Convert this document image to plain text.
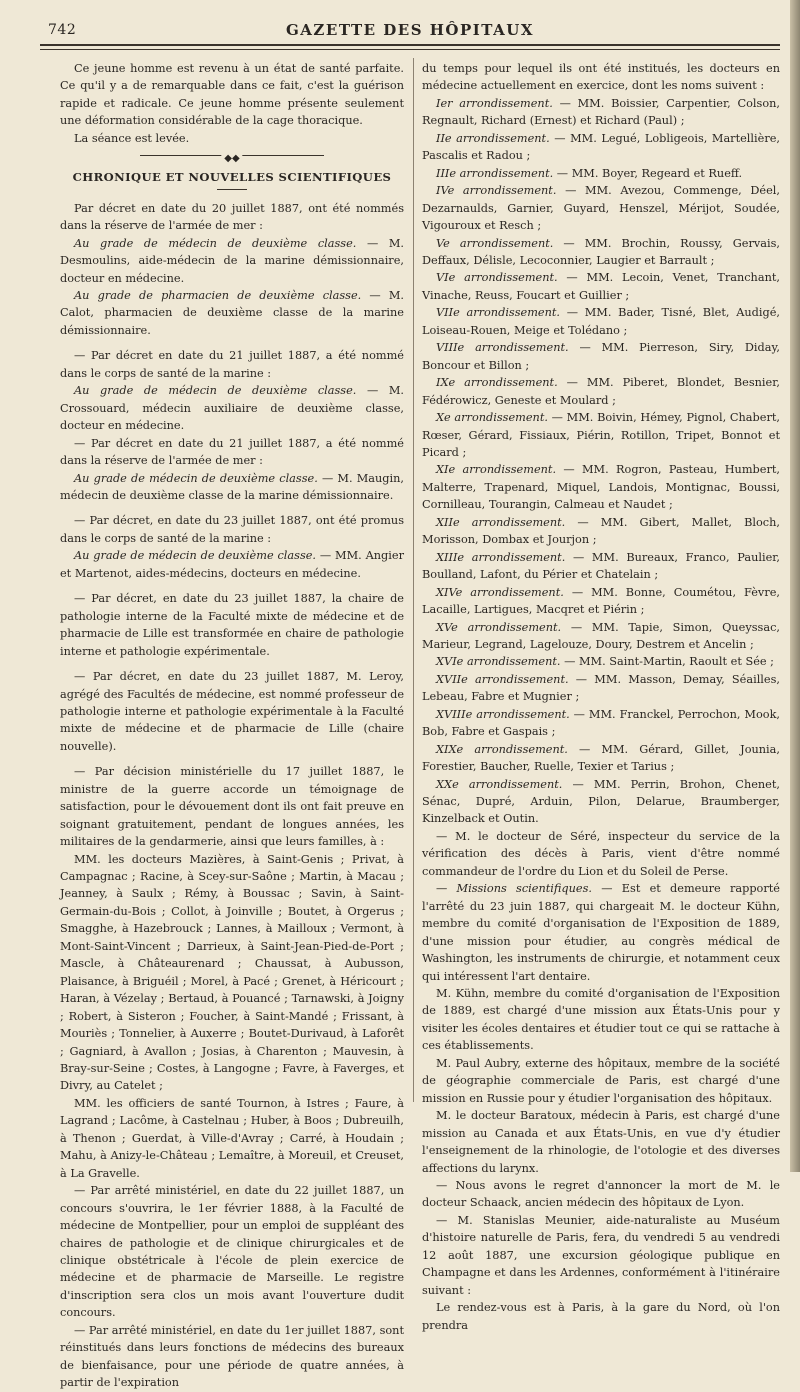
742	GAZETTE DES HÔPITAUX

Ce jeune homme est revenu à un état de santé parfaite. Ce qu'il y a de remarquable dans ce fait, c'est la guérison rapide et radicale. Ce jeune homme présente seulement une déformation considérable de la cage thoracique.

La séance est levée.

◆◆
CHRONIQUE ET NOUVELLES SCIENTIFIQUES

Par décret en date du 20 juillet 1887, ont été nommés dans la réserve de l'armée de mer :

Au grade de médecin de deuxième classe. — M. Desmoulins, aide-médecin de la marine démissionnaire, docteur en médecine.

Au grade de pharmacien de deuxième classe. — M. Calot, pharmacien de deuxième classe de la marine démissionnaire.

— Par décret en date du 21 juillet 1887, a été nommé dans le corps de santé de la marine :

Au grade de médecin de deuxième classe. — M. Crossouard, médecin auxiliaire de deuxième classe, docteur en médecine.

— Par décret en date du 21 juillet 1887, a été nommé dans la réserve de l'armée de mer :

Au grade de médecin de deuxième classe. — M. Maugin, médecin de deuxième classe de la marine démissionnaire.

— Par décret, en date du 23 juillet 1887, ont été promus dans le corps de santé de la marine :

Au grade de médecin de deuxième classe. — MM. Angier et Martenot, aides-médecins, docteurs en médecine.

— Par décret, en date du 23 juillet 1887, la chaire de pathologie interne de la Faculté mixte de médecine et de pharmacie de Lille est transformée en chaire de pathologie interne et pathologie expérimentale.

— Par décret, en date du 23 juillet 1887, M. Leroy, agrégé des Facultés de médecine, est nommé professeur de pathologie interne et pathologie expérimentale à la Faculté mixte de médecine et de pharmacie de Lille (chaire nouvelle).

— Par décision ministérielle du 17 juillet 1887, le ministre de la guerre accorde un témoignage de satisfaction, pour le dévouement dont ils ont fait preuve en soignant gratuitement, pendant de longues années, les militaires de la gendarmerie, ainsi que leurs familles, à :

MM. les docteurs Mazières, à Saint-Genis ; Privat, à Campagnac ; Racine, à Scey-sur-Saône ; Martin, à Macau ; Jeanney, à Saulx ; Rémy, à Boussac ; Savin, à Saint-Germain-du-Bois ; Collot, à Joinville ; Boutet, à Orgerus ; Smagghe, à Hazebrouck ; Lannes, à Mailloux ; Vermont, à Mont-Saint-Vincent ; Darrieux, à Saint-Jean-Pied-de-Port ; Mascle, à Châteaurenard ; Chaussat, à Aubusson, Plaisance, à Briguéil ; Morel, à Pacé ; Grenet, à Héricourt ; Haran, à Vézelay ; Bertaud, à Pouancé ; Tarnawski, à Joigny ; Robert, à Sisteron ; Foucher, à Saint-Mandé ; Frissant, à Mouriès ; Tonnelier, à Auxerre ; Boutet-Durivaud, à Laforêt ; Gagniard, à Avallon ; Josias, à Charenton ; Mauvesin, à Bray-sur-Seine ; Costes, à Langogne ; Favre, à Faverges, et Divry, au Catelet ;

MM. les officiers de santé Tournon, à Istres ; Faure, à Lagrand ; Lacôme, à Castelnau ; Huber, à Boos ; Dubreuilh, à Thenon ; Guerdat, à Ville-d'Avray ; Carré, à Houdain ; Mahu, à Anizy-le-Château ; Lemaître, à Moreuil, et Creuset, à La Gravelle.

— Par arrêté ministériel, en date du 22 juillet 1887, un concours s'ouvrira, le 1er février 1888, à la Faculté de médecine de Montpellier, pour un emploi de suppléant des chaires de pathologie et de clinique chirurgicales et de clinique obstétricale à l'école de plein exercice de médecine et de pharmacie de Marseille. Le registre d'inscription sera clos un mois avant l'ouverture dudit concours.

— Par arrêté ministériel, en date du 1er juillet 1887, sont réinstitués dans leurs fonctions de médecins des bureaux de bienfaisance, pour une période de quatre années, à partir de l'expiration

du temps pour lequel ils ont été institués, les docteurs en médecine actuellement en exercice, dont les noms suivent :

Ier arrondissement. — MM. Boissier, Carpentier, Colson, Regnault, Richard (Ernest) et Richard (Paul) ;

IIe arrondissement. — MM. Legué, Lobligeois, Martellière, Pascalis et Radou ;

IIIe arrondissement. — MM. Boyer, Regeard et Rueff.

IVe arrondissement. — MM. Avezou, Commenge, Déel, Dezarnaulds, Garnier, Guyard, Henszel, Mérijot, Soudée, Vigouroux et Resch ;

Ve arrondissement. — MM. Brochin, Roussy, Gervais, Deffaux, Délisle, Lecoconnier, Laugier et Barrault ;

VIe arrondissement. — MM. Lecoin, Venet, Tranchant, Vinache, Reuss, Foucart et Guillier ;

VIIe arrondissement. — MM. Bader, Tisné, Blet, Audigé, Loiseau-Rouen, Meige et Tolédano ;

VIIIe arrondissement. — MM. Pierreson, Siry, Diday, Boncour et Billon ;

IXe arrondissement. — MM. Piberet, Blondet, Besnier, Fédérowicz, Geneste et Moulard ;

Xe arrondissement. — MM. Boivin, Hémey, Pignol, Chabert, Rœser, Gérard, Fissiaux, Piérin, Rotillon, Tripet, Bonnot et Picard ;

XIe arrondissement. — MM. Rogron, Pasteau, Humbert, Malterre, Trapenard, Miquel, Landois, Montignac, Boussi, Cornilleau, Tourangin, Calmeau et Naudet ;

XIIe arrondissement. — MM. Gibert, Mallet, Bloch, Morisson, Dombax et Jourjon ;

XIIIe arrondissement. — MM. Bureaux, Franco, Paulier, Boulland, Lafont, du Périer et Chatelain ;

XIVe arrondissement. — MM. Bonne, Coumétou, Fèvre, Lacaille, Lartigues, Macqret et Piérin ;

XVe arrondissement. — MM. Tapie, Simon, Queyssac, Marieur, Legrand, Lagelouze, Doury, Destrem et Ancelin ;

XVIe arrondissement. — MM. Saint-Martin, Raoult et Sée ;

XVIIe arrondissement. — MM. Masson, Demay, Séailles, Lebeau, Fabre et Mugnier ;

XVIIIe arrondissement. — MM. Franckel, Perrochon, Mook, Bob, Fabre et Gaspais ;

XIXe arrondissement. — MM. Gérard, Gillet, Jounia, Forestier, Baucher, Ruelle, Texier et Tarius ;

XXe arrondissement. — MM. Perrin, Brohon, Chenet, Sénac, Dupré, Arduin, Pilon, Delarue, Braumberger, Kinzelback et Outin.

— M. le docteur de Séré, inspecteur du service de la vérification des décès à Paris, vient d'être nommé commandeur de l'ordre du Lion et du Soleil de Perse.

— Missions scientifiques. — Est et demeure rapporté l'arrêté du 23 juin 1887, qui chargeait M. le docteur Kühn, membre du comité d'organisation de l'Exposition de 1889, d'une mission pour étudier, au congrès médical de Washington, les instruments de chirurgie, et notamment ceux qui intéressent l'art dentaire.

M. Kühn, membre du comité d'organisation de l'Exposition de 1889, est chargé d'une mission aux États-Unis pour y visiter les écoles dentaires et étudier tout ce qui se rattache à ces établissements.

M. Paul Aubry, externe des hôpitaux, membre de la société de géographie commerciale de Paris, est chargé d'une mission en Russie pour y étudier l'organisation des hôpitaux.

M. le docteur Baratoux, médecin à Paris, est chargé d'une mission au Canada et aux États-Unis, en vue d'y étudier l'enseignement de la rhinologie, de l'otologie et des diverses affections du larynx.

— Nous avons le regret d'annoncer la mort de M. le docteur Schaack, ancien médecin des hôpitaux de Lyon.

— M. Stanislas Meunier, aide-naturaliste au Muséum d'histoire naturelle de Paris, fera, du vendredi 5 au vendredi 12 août 1887, une excursion géologique publique en Champagne et dans les Ardennes, conformément à l'itinéraire suivant :

Le rendez-vous est à Paris, à la gare du Nord, où l'on prendra
